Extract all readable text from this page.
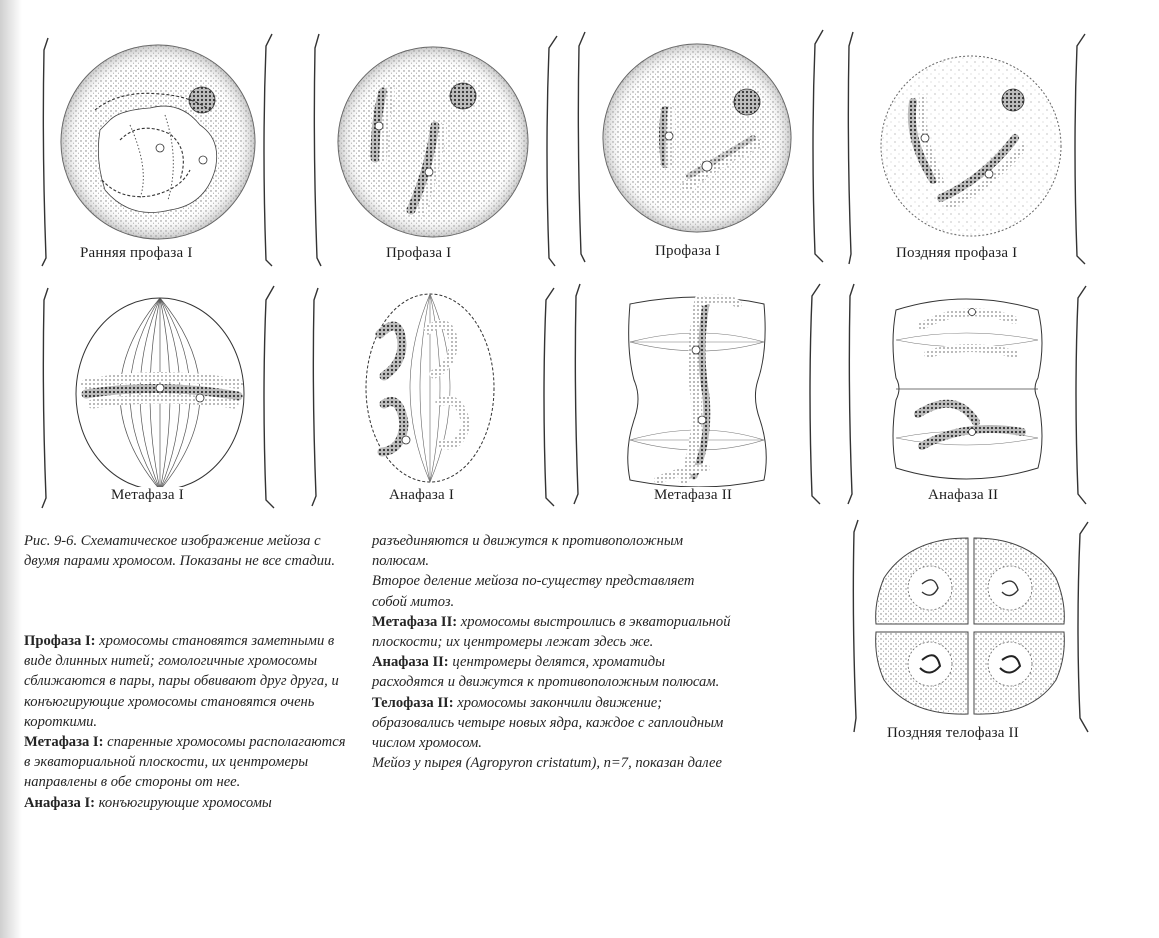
Ранняя профаза I	Профаза I	Профаза I	Поздняя профаза I
Метафаза I	Анафаза I	Метафаза II	Анафаза II
Поздняя телофаза II

Рис. 9-6. Схематическое изображение мейоза с двумя парами хромосом. Показаны не все стадии.

Профаза I: хромосомы становятся заметными в виде длинных нитей; гомологичные хромосомы сближаются в пары, пары обвивают друг друга, и конъюгирующие хромосомы становятся очень короткими.

Метафаза I: спаренные хромосомы располагаются в экваториальной плоскости, их центромеры направлены в обе стороны от нее.

Анафаза I: конъюгирующие хромосомы

разъединяются и движутся к противоположным полюсам.

Второе деление мейоза по-существу представляет собой митоз.

Метафаза II: хромосомы выстроились в экваториальной плоскости; их центромеры лежат здесь же.

Анафаза II: центромеры делятся, хроматиды расходятся и движутся к противоположным полюсам.

Телофаза II: хромосомы закончили движение; образовались четыре новых ядра, каждое с гаплоидным числом хромосом.

Мейоз у пырея (Agropyron cristatum), n=7, показан далее
